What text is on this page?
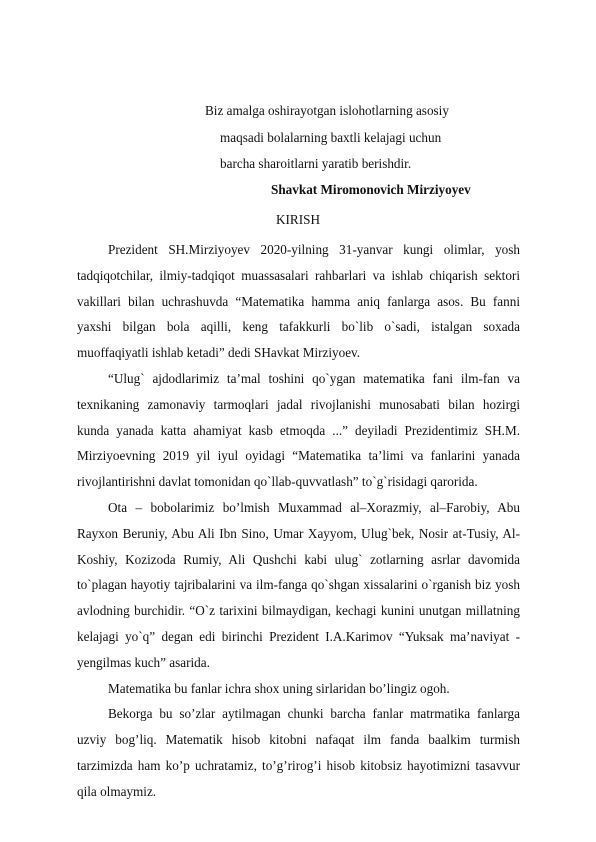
Biz amalga oshirayotgan islohotlarning asosiy
maqsadi bolalarning baxtli kelajagi uchun
barcha sharoitlarni yaratib berishdir.
Shavkat Miromonovich Mirziyoyev
KIRISH

Prezident SH.Mirziyoyev 2020-yilning 31-yanvar kungi olimlar, yosh tadqiqotchilar, ilmiy-tadqiqot muassasalari rahbarlari va ishlab chiqarish sektori vakillari bilan uchrashuvda “Matematika hamma aniq fanlarga asos. Bu fanni yaxshi bilgan bola aqilli, keng tafakkurli bo`lib o`sadi, istalgan soxada muoffaqiyatli ishlab ketadi” dedi SHavkat Mirziyoev.

“Ulug` ajdodlarimiz ta’mal toshini qo`ygan matematika fani ilm-fan va texnikaning zamonaviy tarmoqlari jadal rivojlanishi munosabati bilan hozirgi kunda yanada katta ahamiyat kasb etmoqda ...” deyiladi Prezidentimiz SH.M. Mirziyoevning 2019 yil iyul oyidagi “Matematika ta’limi va fanlarini yanada rivojlantirishni davlat tomonidan qo`llab-quvvatlash” to`g`risidagi qarorida.

Ota – bobolarimiz bo’lmish Muxammad al–Xorazmiy, al–Farobiy, Abu Rayxon Beruniy, Abu Ali Ibn Sino, Umar Xayyom, Ulug`bek, Nosir at-Tusiy, Al-Koshiy, Kozizoda Rumiy, Ali Qushchi kabi ulug` zotlarning asrlar davomida to`plagan hayotiy tajribalarini va ilm-fanga qo`shgan xissalarini o`rganish biz yosh avlodning burchidir. “O`z tarixini bilmaydigan, kechagi kunini unutgan millatning kelajagi yo`q” degan edi birinchi Prezident I.A.Karimov “Yuksak ma’naviyat - yengilmas kuch” asarida.

Matematika bu fanlar ichra shox uning sirlaridan bo’lingiz ogoh.

Bekorga bu so’zlar aytilmagan chunki barcha fanlar matrmatika fanlarga uzviy bog’liq. Matematik hisob kitobni nafaqat ilm fanda baalkim turmish tarzimizda ham ko’p uchratamiz, to’g’rirog’i hisob kitobsiz hayotimizni tasavvur qila olmaymiz.
